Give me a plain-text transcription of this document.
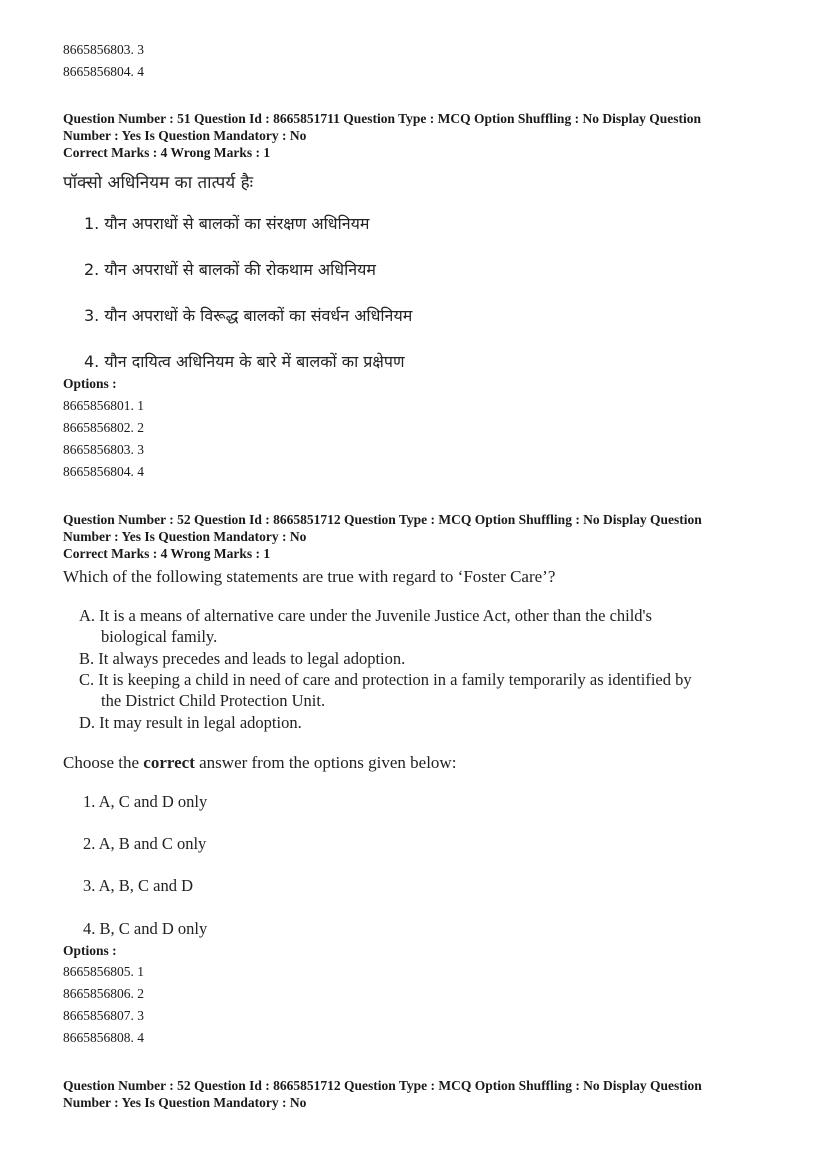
8665856803. 3
8665856804. 4
Question Number : 51 Question Id : 8665851711 Question Type : MCQ Option Shuffling : No Display Question
Number : Yes Is Question Mandatory : No
Correct Marks : 4 Wrong Marks : 1
पॉक्सो अधिनियम का तात्पर्य हैः
1. यौन अपराधों से बालकों का संरक्षण अधिनियम
2. यौन अपराधों से बालकों की रोकथाम अधिनियम
3. यौन अपराधों के विरूद्ध बालकों का संवर्धन अधिनियम
4. यौन दायित्व अधिनियम के बारे में बालकों का प्रक्षेपण
Options :
8665856801. 1
8665856802. 2
8665856803. 3
8665856804. 4
Question Number : 52 Question Id : 8665851712 Question Type : MCQ Option Shuffling : No Display Question
Number : Yes Is Question Mandatory : No
Correct Marks : 4 Wrong Marks : 1
Which of the following statements are true with regard to ‘Foster Care’?
A. It is a means of alternative care under the Juvenile Justice Act, other than the child's
biological family.
B. It always precedes and leads to legal adoption.
C. It is keeping a child in need of care and protection in a family temporarily as identified by
the District Child Protection Unit.
D. It may result in legal adoption.
Choose the correct answer from the options given below:
1. A, C and D only
2. A, B and C only
3. A, B, C and D
4. B, C and D only
Options :
8665856805. 1
8665856806. 2
8665856807. 3
8665856808. 4
Question Number : 52 Question Id : 8665851712 Question Type : MCQ Option Shuffling : No Display Question
Number : Yes Is Question Mandatory : No
